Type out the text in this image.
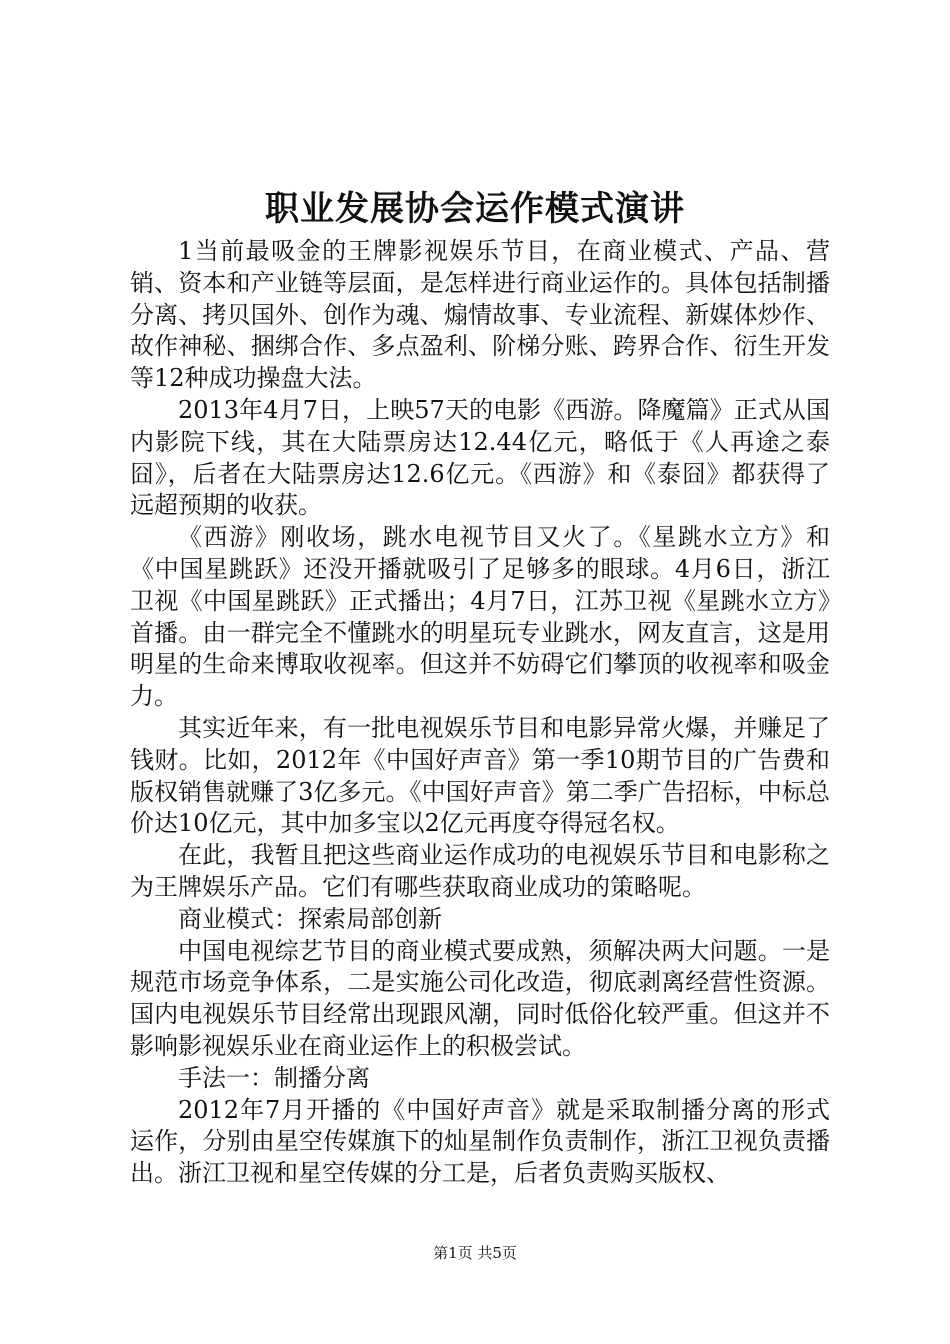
职业发展协会运作模式演讲

1当前最吸金的王牌影视娱乐节目，在商业模式、产品、营销、资本和产业链等层面，是怎样进行商业运作的。具体包括制播分离、拷贝国外、创作为魂、煽情故事、专业流程、新媒体炒作、故作神秘、捆绑合作、多点盈利、阶梯分账、跨界合作、衍生开发等12种成功操盘大法。

2013年4月7日，上映57天的电影《西游。降魔篇》正式从国内影院下线，其在大陆票房达12.44亿元，略低于《人再途之泰囧》，后者在大陆票房达12.6亿元。《西游》和《泰囧》都获得了远超预期的收获。

《西游》刚收场，跳水电视节目又火了。《星跳水立方》和《中国星跳跃》还没开播就吸引了足够多的眼球。4月6日，浙江卫视《中国星跳跃》正式播出；4月7日，江苏卫视《星跳水立方》首播。由一群完全不懂跳水的明星玩专业跳水，网友直言，这是用明星的生命来博取收视率。但这并不妨碍它们攀顶的收视率和吸金力。

其实近年来，有一批电视娱乐节目和电影异常火爆，并赚足了钱财。比如，2012年《中国好声音》第一季10期节目的广告费和版权销售就赚了3亿多元。《中国好声音》第二季广告招标，中标总价达10亿元，其中加多宝以2亿元再度夺得冠名权。

在此，我暂且把这些商业运作成功的电视娱乐节目和电影称之为王牌娱乐产品。它们有哪些获取商业成功的策略呢。

商业模式：探索局部创新

中国电视综艺节目的商业模式要成熟，须解决两大问题。一是规范市场竞争体系，二是实施公司化改造，彻底剥离经营性资源。国内电视娱乐节目经常出现跟风潮，同时低俗化较严重。但这并不影响影视娱乐业在商业运作上的积极尝试。

手法一：制播分离

2012年7月开播的《中国好声音》就是采取制播分离的形式运作，分别由星空传媒旗下的灿星制作负责制作，浙江卫视负责播出。浙江卫视和星空传媒的分工是，后者负责购买版权、

第1页 共5页
